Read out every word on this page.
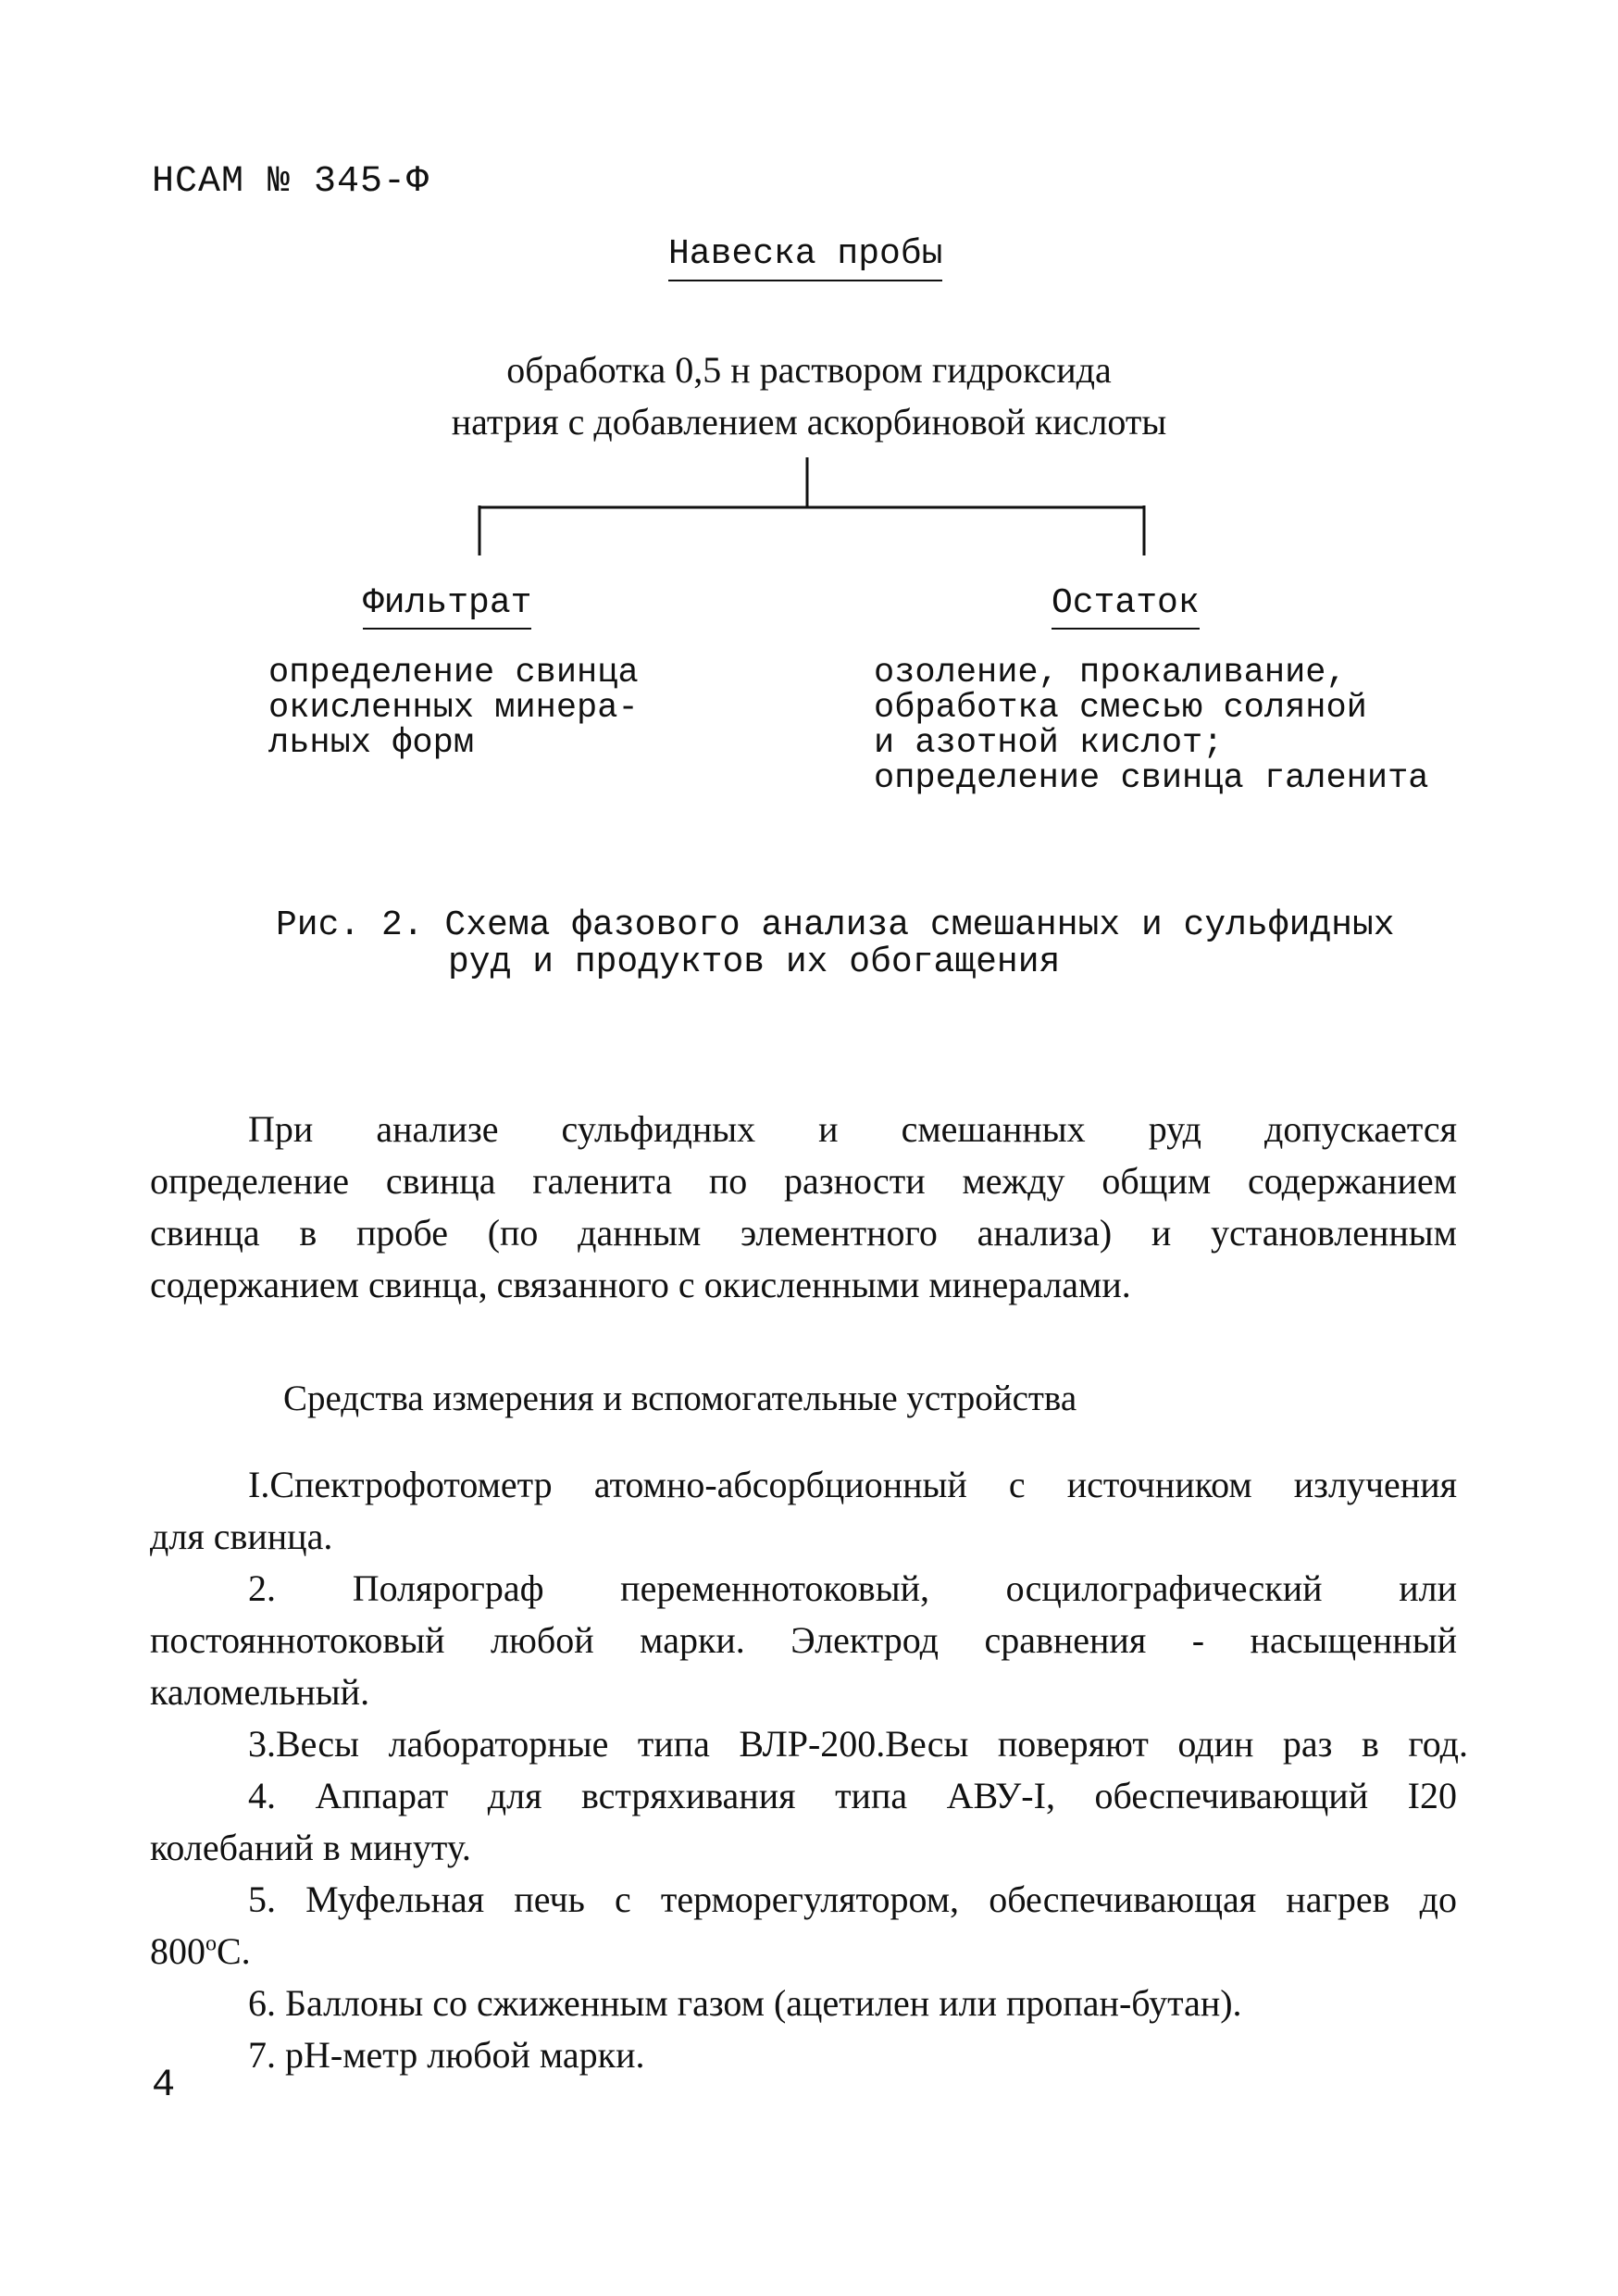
НСАМ № 345-Ф
Навеска пробы
обработка 0,5 н раствором гидроксида
натрия с добавлением аскорбиновой кислоты
Фильтрат	Остаток
определение свинца
окисленных минера-
льных форм
озоление, прокаливание,
обработка смесью соляной
и азотной кислот;
определение свинца галенита
Рис. 2. Схема фазового анализа смешанных и сульфидных
руд и продуктов их обогащения
При анализе сульфидных и смешанных руд допускается
определение свинца галенита по разности между общим содержанием
свинца в пробе (по данным элементного анализа) и установленным
содержанием свинца, связанного с окисленными минералами.
Средства измерения и вспомогательные устройства
I.Спектрофотометр атомно-абсорбционный с источником излучения
для свинца.
2. Полярограф переменнотоковый, осцилографический или
постояннотоковый любой марки. Электрод сравнения - насыщенный
каломельный.
3.Весы лабораторные типа ВЛР-200.Весы поверяют один раз в год.
4. Аппарат для встряхивания типа АВУ-I, обеспечивающий I20
колебаний в минуту.
5. Муфельная печь с терморегулятором, обеспечивающая нагрев до
$800^оС$.
6. Баллоны со сжиженным газом (ацетилен или пропан-бутан).
7. рН-метр любой марки.
4
